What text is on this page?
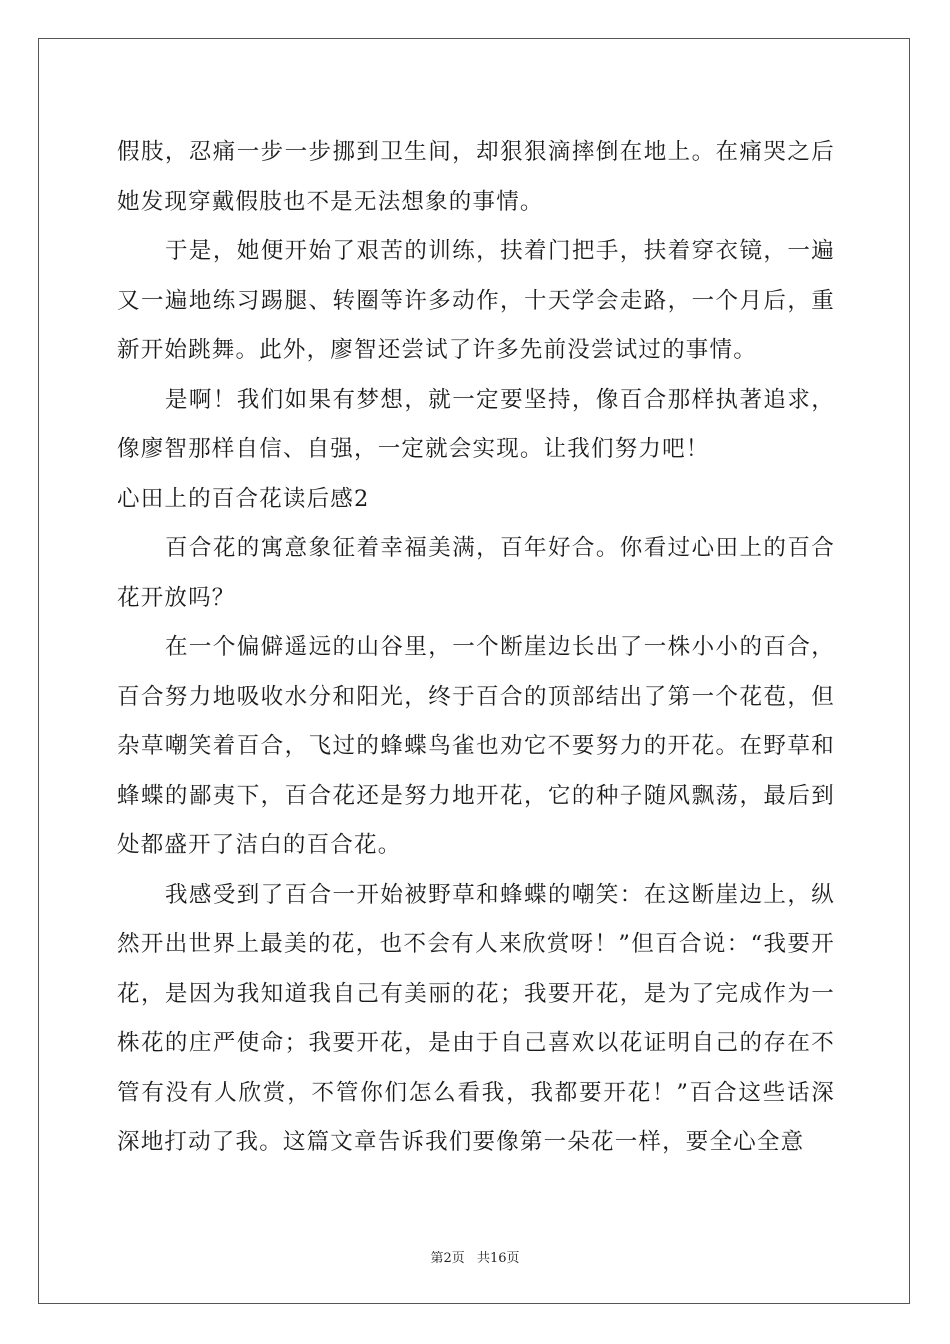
假肢，忍痛一步一步挪到卫生间，却狠狠滴摔倒在地上。在痛哭之后她发现穿戴假肢也不是无法想象的事情。

于是，她便开始了艰苦的训练，扶着门把手，扶着穿衣镜，一遍又一遍地练习踢腿、转圈等许多动作，十天学会走路，一个月后，重新开始跳舞。此外，廖智还尝试了许多先前没尝试过的事情。

是啊！我们如果有梦想，就一定要坚持，像百合那样执著追求，像廖智那样自信、自强，一定就会实现。让我们努力吧！

心田上的百合花读后感2

百合花的寓意象征着幸福美满，百年好合。你看过心田上的百合花开放吗？

在一个偏僻遥远的山谷里，一个断崖边长出了一株小小的百合，百合努力地吸收水分和阳光，终于百合的顶部结出了第一个花苞，但杂草嘲笑着百合，飞过的蜂蝶鸟雀也劝它不要努力的开花。在野草和蜂蝶的鄙夷下，百合花还是努力地开花，它的种子随风飘荡，最后到处都盛开了洁白的百合花。

我感受到了百合一开始被野草和蜂蝶的嘲笑：在这断崖边上，纵然开出世界上最美的花，也不会有人来欣赏呀！”但百合说：“我要开花，是因为我知道我自己有美丽的花；我要开花，是为了完成作为一株花的庄严使命；我要开花，是由于自己喜欢以花证明自己的存在不管有没有人欣赏，不管你们怎么看我，我都要开花！”百合这些话深深地打动了我。这篇文章告诉我们要像第一朵花一样，要全心全意

第2页 共16页
